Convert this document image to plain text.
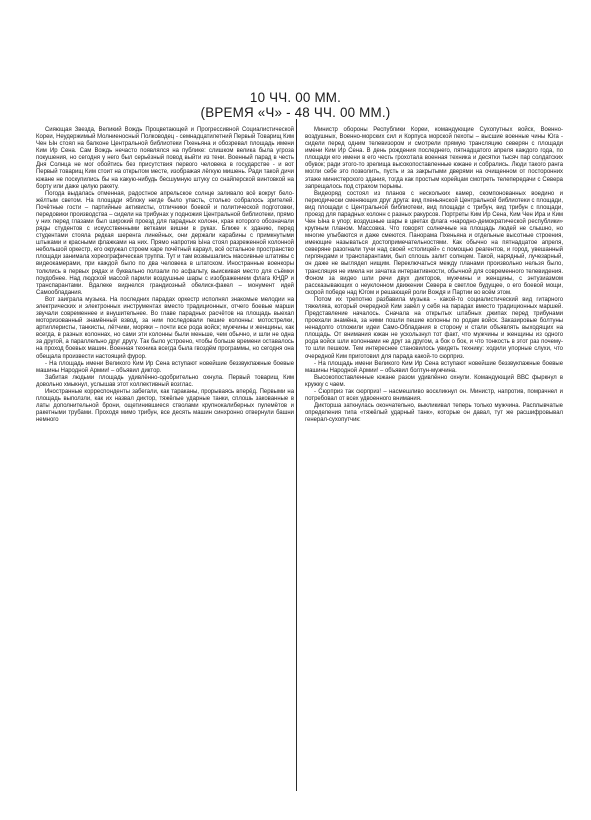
10 ЧЧ. 00 ММ.
(ВРЕМЯ «Ч» - 48 ЧЧ. 00 ММ.)

Сияющая Звезда, Великий Вождь Процветающей и Прогрессивной Социалистической Кореи, Неудержимый Молниеносный Полководец - семнадцатилетний Первый Товарищ Ким Чен Ын стоял на балконе Центральной библиотеки Пхеньяна и обозревал площадь имени Ким Ир Сена. Сам Вождь нечасто появлялся на публике: слишком велика была угроза покушения, но сегодня у него был серьёзный повод выйти из тени. Военный парад в честь Дня Солнца не мог обойтись без присутствия первого человека в государстве - и вот Первый товарищ Ким стоит на открытом месте, изображая лёгкую мишень. Ради такой дичи южане не поскупились бы на какую-нибудь бесшумную штуку со снайперской винтовкой на борту или даже целую ракету.

Погода выдалась отменная, радостное апрельское солнце заливало всё вокруг бело-жёлтым светом. На площади яблоку негде было упасть, столько собралось зрителей. Почётные гости – партийные активисты, отличники боевой и политической подготовки, передовики производства – сидели на трибунах у подножия Центральной библиотеки, прямо у них перед глазами был широкий проезд для парадных колонн, края которого обозначали ряды студентов с искусственными ветками вишни в руках. Ближе к зданию, перед студентами стояла редкая шеренга линейных, они держали карабины с примкнутыми штыками и красными флажками на них. Прямо напротив Ына стоял разреженной колонной небольшой оркестр, его окружал строем каре почётный караул, всё остальное пространство площади занимала хореографическая труппа. Тут и там возвышались массивные штативы с видеокамерами, при каждой было по два человека в штатском. Иностранные военкоры толклись в первых рядах и буквально ползали по асфальту, выискивая место для съёмки поудобнее. Над людской массой парили воздушные шары с изображением флага КНДР и транспарантами. Вдалеке виднелся грандиозный обелиск-факел – монумент идей Самообладания.

Вот заиграла музыка. На последних парадах оркестр исполнял знакомые мелодии на электрических и электронных инструментах вместо традиционных, отчего боевые марши звучали современнее и внушительнее. Во главе парадных расчётов на площадь выехал моторизованный знамённый взвод, за ним последовали пешие колонны: мотострелки, артиллеристы, танкисты, лётчики, моряки – почти все рода войск; мужчины и женщины, как всегда, в разных колоннах, но сами эти колонны были меньше, чем обычно, и шли не одна за другой, а параллельно друг другу. Так было устроено, чтобы больше времени оставалось на проход боевых машин. Военная техника всегда была гвоздём программы, но сегодня она обещала произвести настоящий фурор.

- На площадь имени Великого Ким Ир Сена вступают новейшие беззвукпажные боевые машины Народной Армии! – объявил диктор.

Забитая людьми площадь удивлённо-одобрительно охнула. Первый товарищ Ким довольно хмыкнул, услышав этот коллективный возглас.

Иностранные корреспонденты забегали, как тараканы, прорываясь вперёд. Первыми на площадь выползли, как их назвал диктор, тяжёлые ударные танки, сплошь закованные в латы дополнительной брони, ощетинившиеся стволами крупнокалиберных пулемётов и ракетными трубами. Проходя мимо трибун, все десять машин синхронно отвернули башни немного

Министр обороны Республики Кореи, командующие Сухопутных войск, Военно-воздушных, Военно-морских сил и Корпуса морской пехоты – высшие военные чины Юга - сидели перед одним телевизором и смотрели прямую трансляцию северян с площади имени Ким Ир Сена. В день рождения последнего, пятнадцатого апреля каждого года, по площади его имени в его честь грохотала военная техника и десятки тысяч пар солдатских обувок; ради этого-то зрелища высокопоставленные южане и собрались. Люди такого ранга могли себе это позволить, пусть и за закрытыми дверями на очищенном от посторонних этаже министерского здания, тогда как простым корейцам смотреть телепередачи с Севера запрещалось под страхом тюрьмы.

Видеоряд состоял из планов с нескольких камер, скомпонованных воедино и периодически сменяющих друг друга: вид пхеньянской Центральной библиотеки с площади, вид площади с Центральной библиотеки, вид площади с трибун, вид трибун с площади, проезд для парадных колонн с разных ракурсов. Портреты Ким Ир Сена, Ким Чен Ира и Ким Чен Ына в упор; воздушные шары в цветах флага «народно-демократической республики» крупным планом. Массовка. Что говорят солнечные на площадь людей не слышно, но многие улыбаются и даже смеются. Панорама Пхеньяна и отдельные высотные строения, имеющие называться достопримечательностями. Как обычно на пятнадцатое апреля, северяне разогнали тучи над своей «столицей» с помощью реагентов, и город, увешанный гирляндами и транспарантами, был сплошь залит солнцем. Такой, нарядный, лучезарный, он даже не выглядел нищим. Переключаться между планами произвольно нельзя было, трансляция не имела ни зачатка интерактивности, обычной для современного телевидения. Фоном за видео шли речи двух дикторов, мужчины и женщины, с энтузиазмом рассказывающих о неуклонном движении Севера в светлое будущее, о его боевой мощи, скорой победе над Югом и решающей роли Вождя и Партии во всём этом.

Потом их трепотню разбавила музыка - какой-то социалистический вид гитарного тяжеляка, который очередной Ким завёл у себя на парадах вместо традиционных маршей. Представление началось. Сначала на открытых штабных джипах перед трибунами проехали знамёна, за ними пошли пешие колонны по родам войск. Заказировые болтуны ненадолго отложили идеи Само-Обладания в сторону и стали объявлять выходящих на площадь. От внимания южан не ускользнул тот факт, что мужчины и женщины из одного рода войск шли колоннами не друг за другом, а бок о бок, и что тонкость в этот раз почему-то шли пешком. Тем интереснее становилось увидеть технику: ходили упорные слухи, что очередной Ким приготовил для парада какой-то сюрприз.

- На площадь имени Великого Ким Ир Сена вступают новейшие беззвукпажные боевые машины Народной Армии! – объявил болтун-мужчина.

Высокопоставленные южане разом удивлённо охнули. Командующий ВВС фыркнул в кружку с чаем.

- Сюрприз так сюрприз! – насмешливо воскликнул он. Министр, напротив, помрачнел и потребовал от всех удвоенного внимания.

Дикторша заткнулась окончательно, выкликивал теперь только мужчина. Расплывчатые определения типа «тяжёлый ударный танк», которые он давал, тут же расшифровывал генерал-сухопутчик:
